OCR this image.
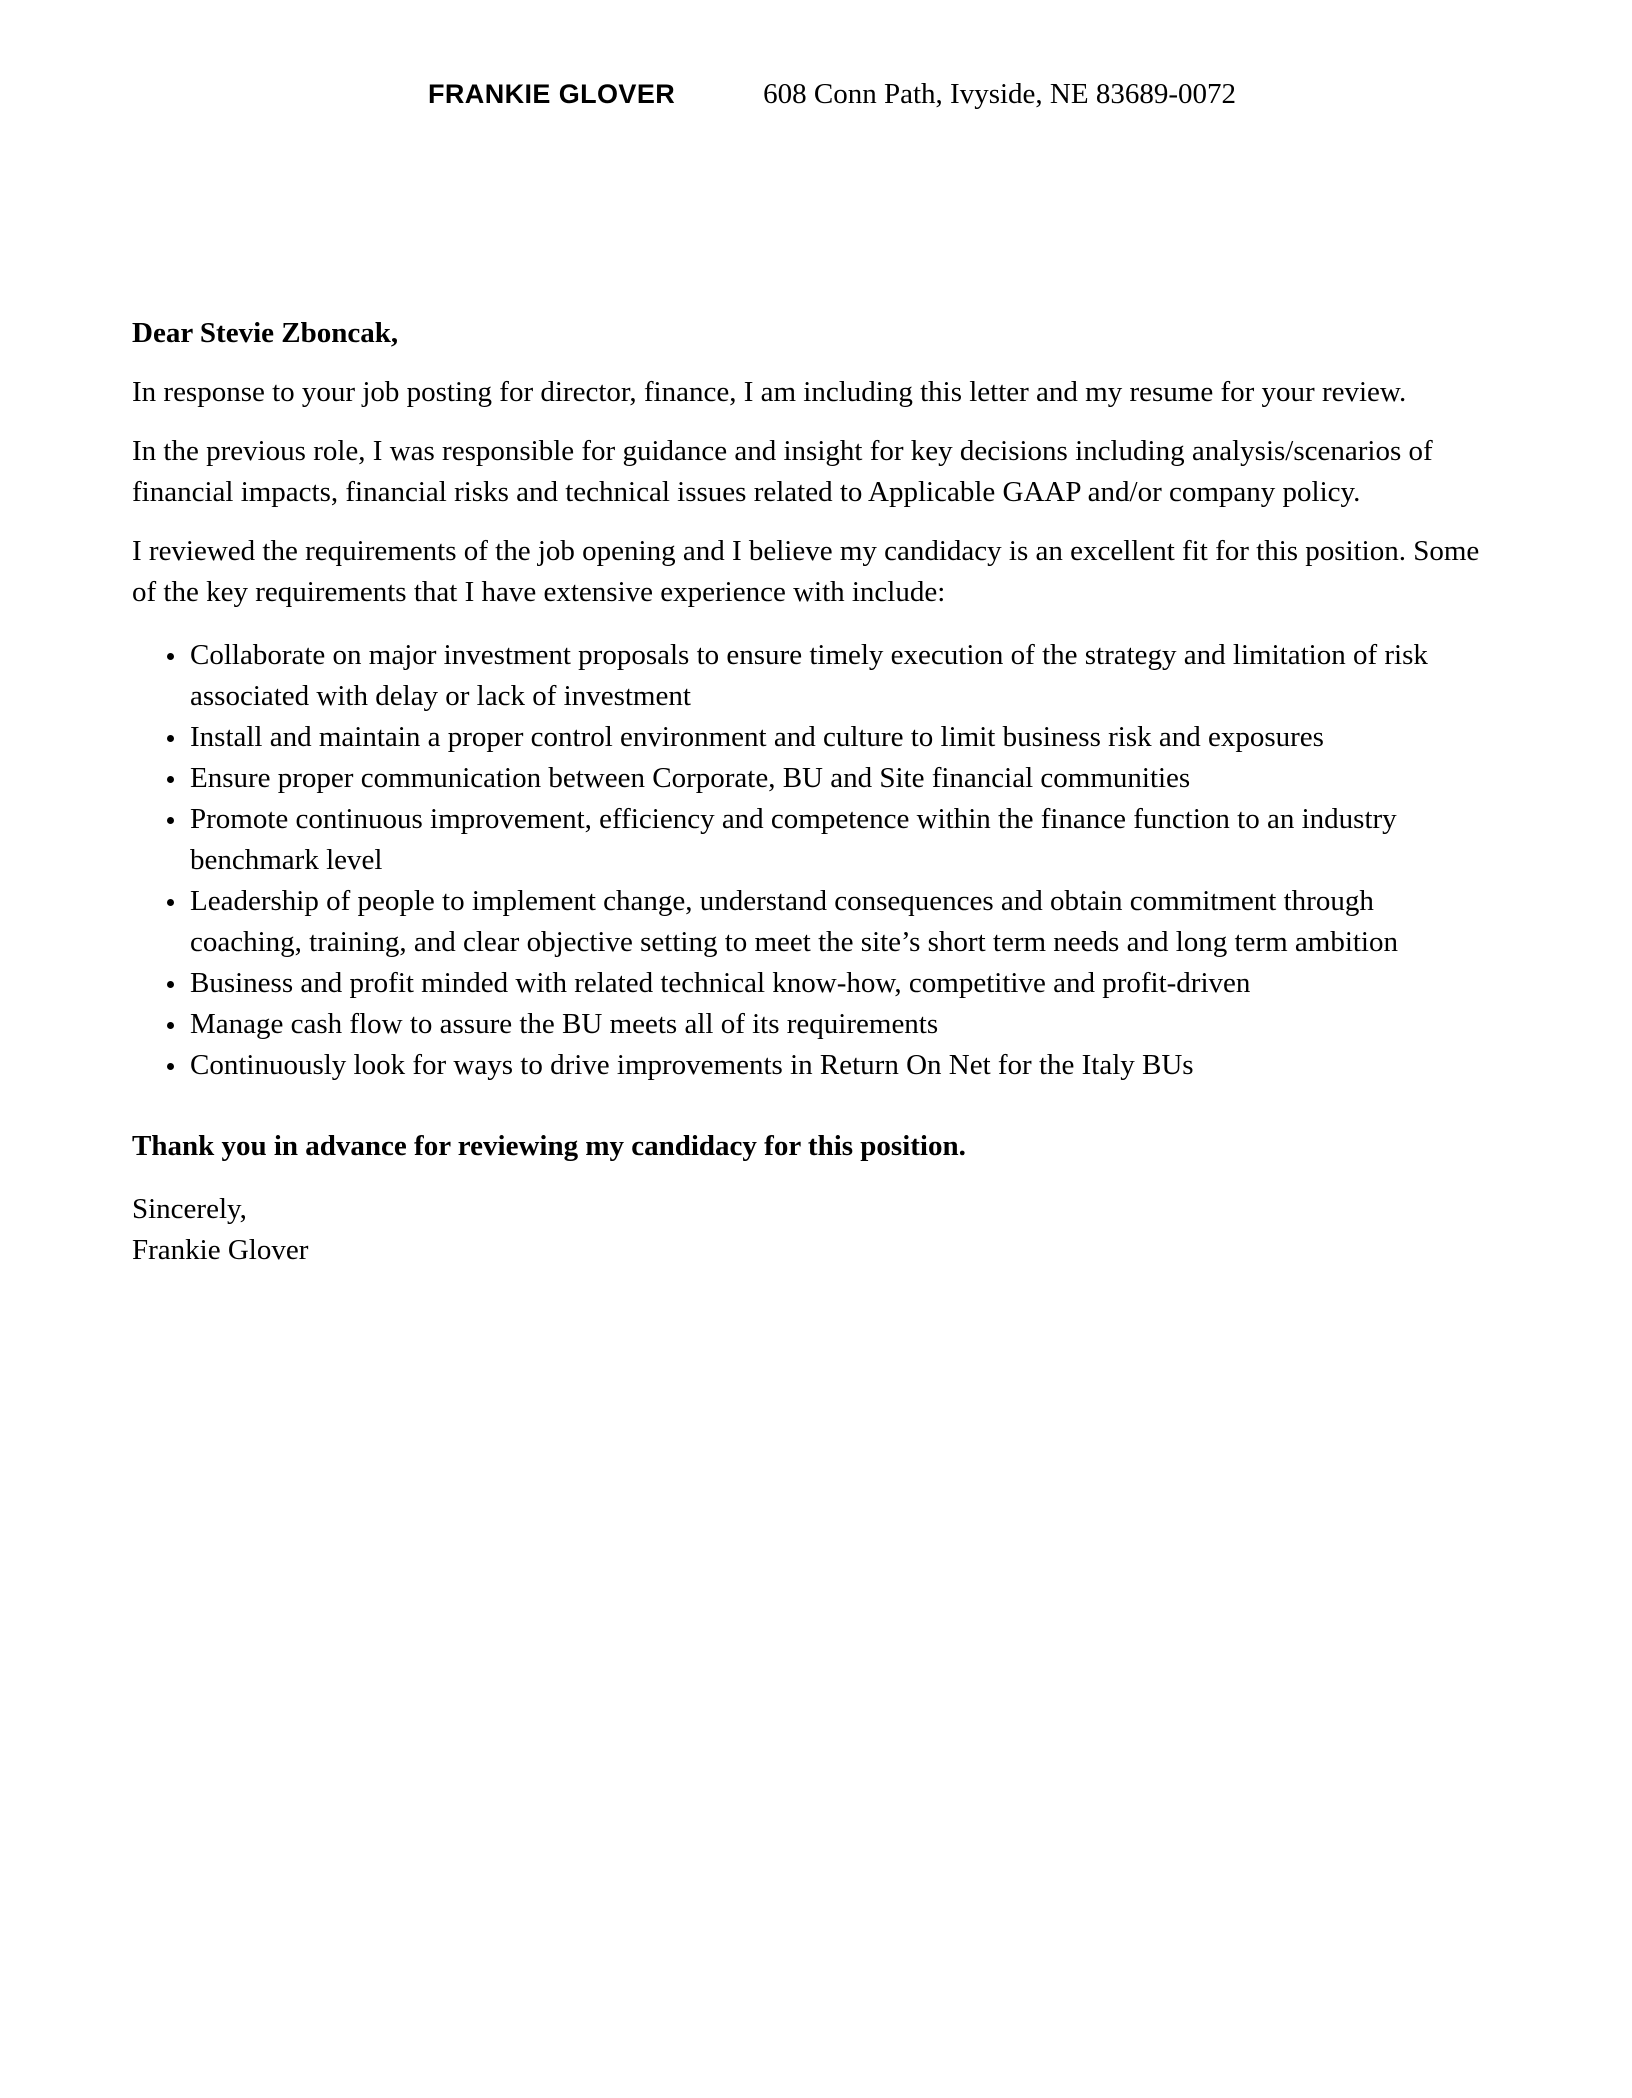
FRANKIE GLOVER	608 Conn Path, Ivyside, NE 83689-0072

Dear Stevie Zboncak,

In response to your job posting for director, finance, I am including this letter and my resume for your review.

In the previous role, I was responsible for guidance and insight for key decisions including analysis/scenarios of financial impacts, financial risks and technical issues related to Applicable GAAP and/or company policy.

I reviewed the requirements of the job opening and I believe my candidacy is an excellent fit for this position. Some of the key requirements that I have extensive experience with include:

• Collaborate on major investment proposals to ensure timely execution of the strategy and limitation of risk associated with delay or lack of investment
• Install and maintain a proper control environment and culture to limit business risk and exposures
• Ensure proper communication between Corporate, BU and Site financial communities
• Promote continuous improvement, efficiency and competence within the finance function to an industry benchmark level
• Leadership of people to implement change, understand consequences and obtain commitment through coaching, training, and clear objective setting to meet the site’s short term needs and long term ambition
• Business and profit minded with related technical know-how, competitive and profit-driven
• Manage cash flow to assure the BU meets all of its requirements
• Continuously look for ways to drive improvements in Return On Net for the Italy BUs

Thank you in advance for reviewing my candidacy for this position.

Sincerely,
Frankie Glover
